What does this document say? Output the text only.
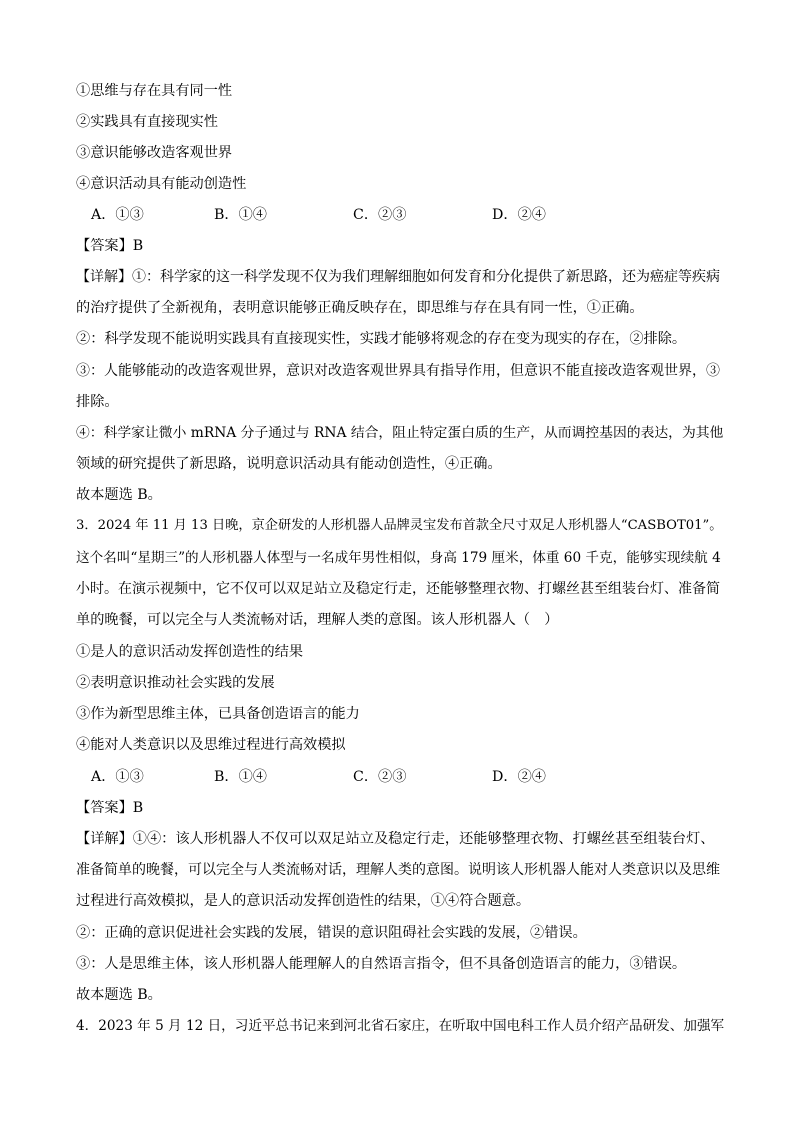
①思维与存在具有同一性
②实践具有直接现实性
③意识能够改造客观世界
④意识活动具有能动创造性
A．①③	B．①④	C．②③	D．②④
【答案】B
【详解】①：科学家的这一科学发现不仅为我们理解细胞如何发育和分化提供了新思路，还为癌症等疾病
的治疗提供了全新视角，表明意识能够正确反映存在，即思维与存在具有同一性，①正确。
②：科学发现不能说明实践具有直接现实性，实践才能够将观念的存在变为现实的存在，②排除。
③：人能够能动的改造客观世界，意识对改造客观世界具有指导作用，但意识不能直接改造客观世界，③
排除。
④：科学家让微小 mRNA 分子通过与 RNA 结合，阻止特定蛋白质的生产，从而调控基因的表达，为其他
领域的研究提供了新思路，说明意识活动具有能动创造性，④正确。
故本题选 B。
3．2024 年 11 月 13 日晚，京企研发的人形机器人品牌灵宝发布首款全尺寸双足人形机器人“CASBOT01”。
这个名叫“星期三”的人形机器人体型与一名成年男性相似，身高 179 厘米，体重 60 千克，能够实现续航 4
小时。在演示视频中，它不仅可以双足站立及稳定行走，还能够整理衣物、打螺丝甚至组装台灯、准备简
单的晚餐，可以完全与人类流畅对话，理解人类的意图。该人形机器人（　）
①是人的意识活动发挥创造性的结果
②表明意识推动社会实践的发展
③作为新型思维主体，已具备创造语言的能力
④能对人类意识以及思维过程进行高效模拟
A．①③	B．①④	C．②③	D．②④
【答案】B
【详解】①④：该人形机器人不仅可以双足站立及稳定行走，还能够整理衣物、打螺丝甚至组装台灯、
准备简单的晚餐，可以完全与人类流畅对话，理解人类的意图。说明该人形机器人能对人类意识以及思维
过程进行高效模拟，是人的意识活动发挥创造性的结果，①④符合题意。
②：正确的意识促进社会实践的发展，错误的意识阻碍社会实践的发展，②错误。
③：人是思维主体，该人形机器人能理解人的自然语言指令，但不具备创造语言的能力，③错误。
故本题选 B。
4．2023 年 5 月 12 日，习近平总书记来到河北省石家庄，在听取中国电科工作人员介绍产品研发、加强军
